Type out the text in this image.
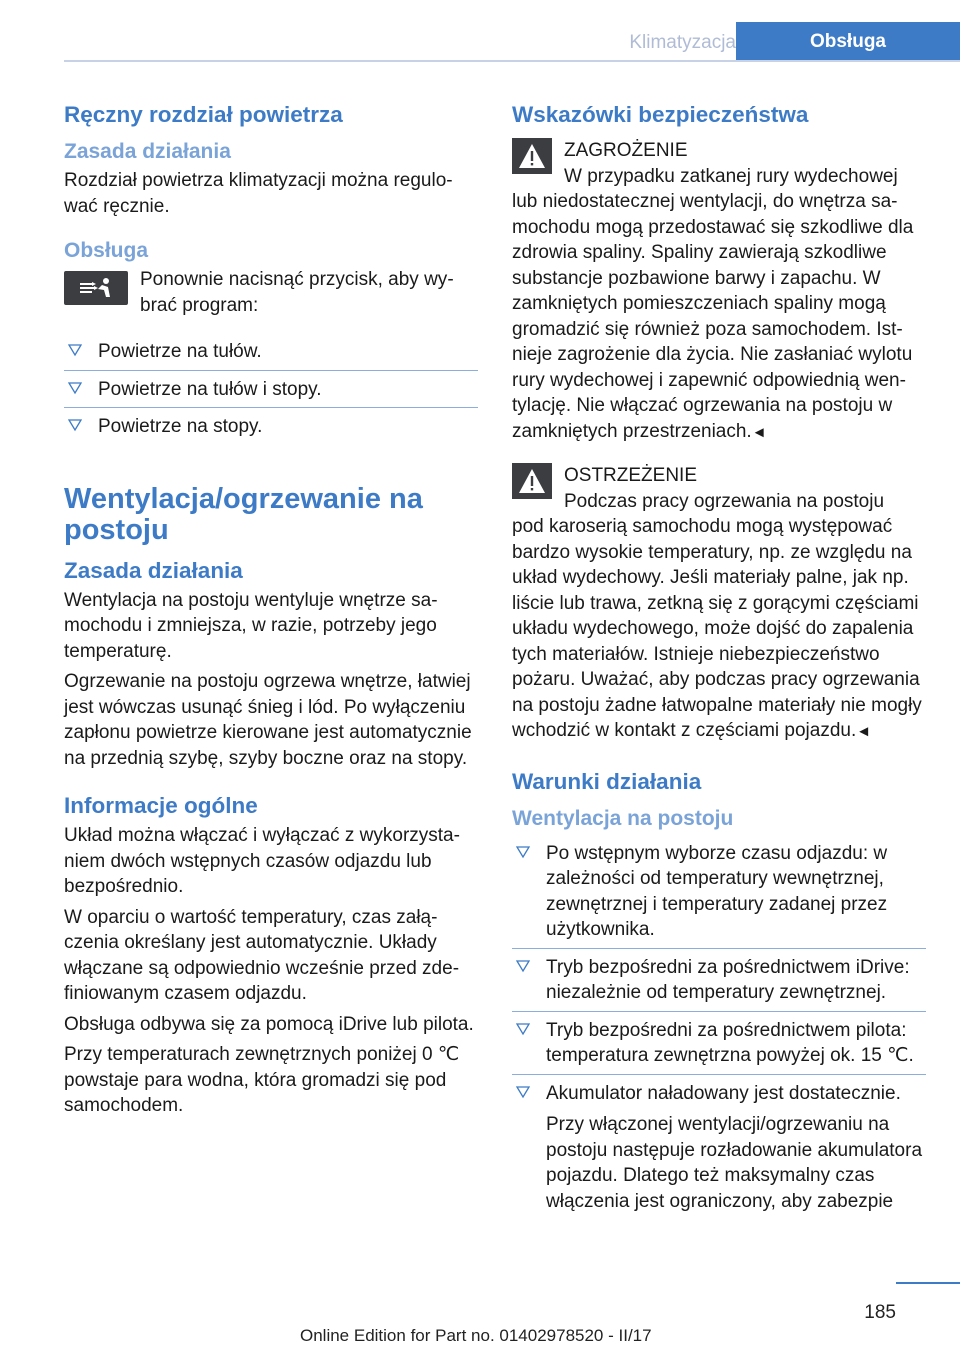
Klimatyzacja	Obsługa
Ręczny rozdział powietrza
Zasada działania

Rozdział powietrza klimatyzacji można regulować ręcznie.

Obsługa

Ponownie nacisnąć przycisk, aby wybrać program:

Powietrze na tułów.
Powietrze na tułów i stopy.
Powietrze na stopy.
Wentylacja/ogrzewanie na postoju
Zasada działania

Wentylacja na postoju wentyluje wnętrze samochodu i zmniejsza, w razie, potrzeby jego temperaturę.

Ogrzewanie na postoju ogrzewa wnętrze, łatwiej jest wówczas usunąć śnieg i lód. Po wyłączeniu zapłonu powietrze kierowane jest automatycznie na przednią szybę, szyby boczne oraz na stopy.

Informacje ogólne

Układ można włączać i wyłączać z wykorzystaniem dwóch wstępnych czasów odjazdu lub bezpośrednio.

W oparciu o wartość temperatury, czas załączenia określany jest automatycznie. Układy włączane są odpowiednio wcześnie przed zdefiniowanym czasem odjazdu.

Obsługa odbywa się za pomocą iDrive lub pilota.

Przy temperaturach zewnętrznych poniżej 0 ℃ powstaje para wodna, która gromadzi się pod samochodem.

Wskazówki bezpieczeństwa
ZAGROŻENIE

W przypadku zatkanej rury wydechowej

lub niedostatecznej wentylacji, do wnętrza samochodu mogą przedostawać się szkodliwe dla zdrowia spaliny. Spaliny zawierają szkodliwe substancje pozbawione barwy i zapachu. W zamkniętych pomieszczeniach spaliny mogą gromadzić się również poza samochodem. Istnieje zagrożenie dla życia. Nie zasłaniać wylotu rury wydechowej i zapewnić odpowiednią wentylację. Nie włączać ogrzewania na postoju w zamkniętych przestrzeniach.◄

OSTRZEŻENIE

Podczas pracy ogrzewania na postoju

pod karoserią samochodu mogą występować bardzo wysokie temperatury, np. ze względu na układ wydechowy. Jeśli materiały palne, jak np. liście lub trawa, zetkną się z gorącymi częściami układu wydechowego, może dojść do zapalenia tych materiałów. Istnieje niebezpieczeństwo pożaru. Uważać, aby podczas pracy ogrzewania na postoju żadne łatwopalne materiały nie mogły wchodzić w kontakt z częściami pojazdu.◄

Warunki działania
Wentylacja na postoju
Po wstępnym wyborze czasu odjazdu: w zależności od temperatury wewnętrznej, zewnętrznej i temperatury zadanej przez użytkownika.
Tryb bezpośredni za pośrednictwem iDrive: niezależnie od temperatury zewnętrznej.
Tryb bezpośredni za pośrednictwem pilota: temperatura zewnętrzna powyżej ok. 15 ℃.
Akumulator naładowany jest dostatecznie.

Przy włączonej wentylacji/ogrzewaniu na postoju następuje rozładowanie akumulatora pojazdu. Dlatego też maksymalny czas włączenia jest ograniczony, aby zabezpie

185
Online Edition for Part no. 01402978520 - II/17
